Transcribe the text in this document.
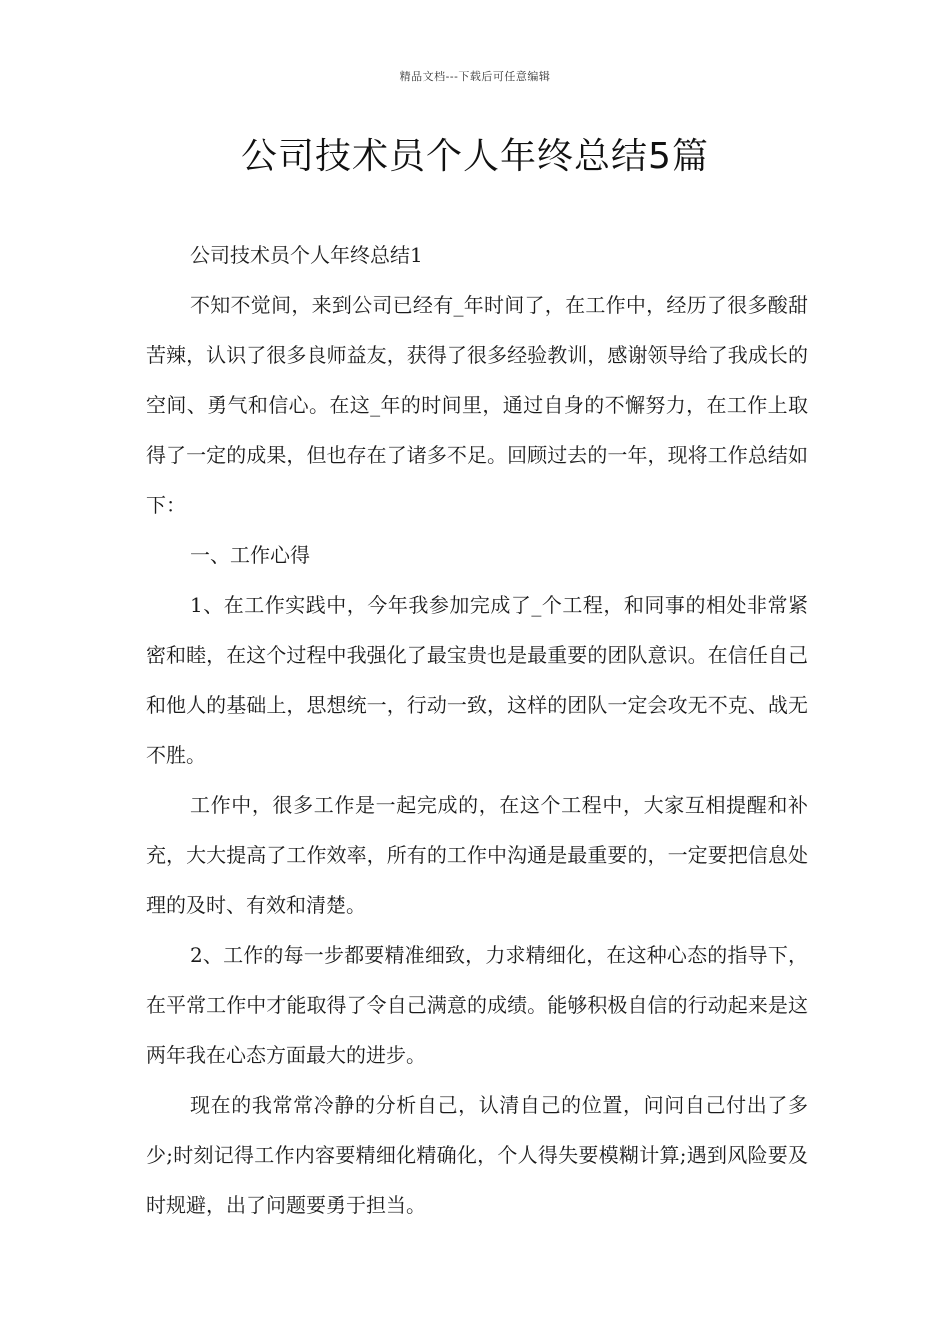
精品文档---下载后可任意编辑
公司技术员个人年终总结5篇

公司技术员个人年终总结1

不知不觉间，来到公司已经有_年时间了，在工作中，经历了很多酸甜苦辣，认识了很多良师益友，获得了很多经验教训，感谢领导给了我成长的空间、勇气和信心。在这_年的时间里，通过自身的不懈努力，在工作上取得了一定的成果，但也存在了诸多不足。回顾过去的一年，现将工作总结如下：

一、工作心得

1、在工作实践中，今年我参加完成了_个工程，和同事的相处非常紧密和睦，在这个过程中我强化了最宝贵也是最重要的团队意识。在信任自己和他人的基础上，思想统一，行动一致，这样的团队一定会攻无不克、战无不胜。

工作中，很多工作是一起完成的，在这个工程中，大家互相提醒和补充，大大提高了工作效率，所有的工作中沟通是最重要的，一定要把信息处理的及时、有效和清楚。

2、工作的每一步都要精准细致，力求精细化，在这种心态的指导下，在平常工作中才能取得了令自己满意的成绩。能够积极自信的行动起来是这两年我在心态方面最大的进步。

现在的我常常冷静的分析自己，认清自己的位置，问问自己付出了多少;时刻记得工作内容要精细化精确化，个人得失要模糊计算;遇到风险要及时规避，出了问题要勇于担当。
